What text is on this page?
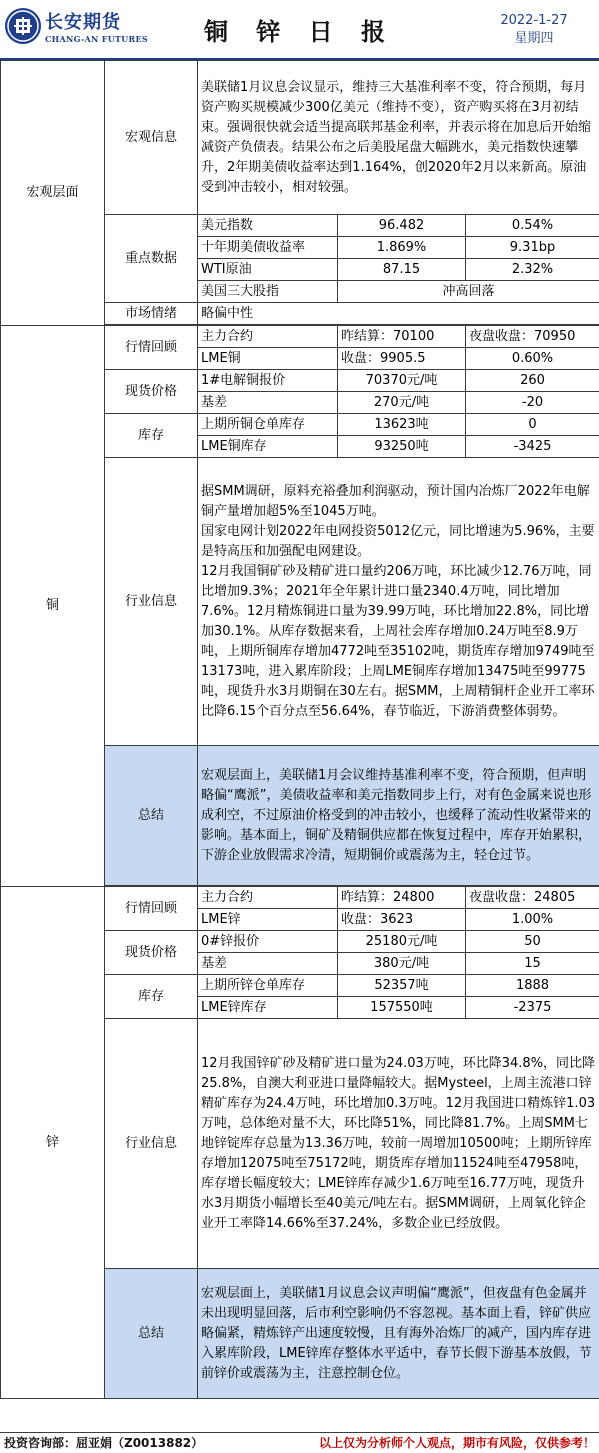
长安期货
CHANG-AN FUTURES	铜 锌 日 报	2022-1-27
星期四
宏观层面	宏观信息	美联储1月议息会议显示，维持三大基准利率不变，符合预期，每月资产购买规模减少300亿美元（维持不变），资产购买将在3月初结束。强调很快就会适当提高联邦基金利率，并表示将在加息后开始缩减资产负债表。结果公布之后美股尾盘大幅跳水，美元指数快速攀升，2年期美债收益率达到1.164%，创2020年2月以来新高。原油受到冲击较小，相对较强。		
	重点数据	美元指数	96.482	0.54%
		十年期美债收益率	1.869%	9.31bp
		WTI原油	87.15	2.32%
		美国三大股指	冲高回落	
	市场情绪	略偏中性		

铜	行情回顾	主力合约	昨结算：70100	夜盘收盘：70950
		LME铜	收盘：9905.5	0.60%
	现货价格	1#电解铜报价	70370元/吨	260
		基差	270元/吨	-20
	库存	上期所铜仓单库存	13623吨	0
		LME铜库存	93250吨	-3425
	行业信息	据SMM调研，原料充裕叠加利润驱动，预计国内冶炼厂2022年电解铜产量增加超5%至1045万吨。
国家电网计划2022年电网投资5012亿元，同比增速为5.96%，主要是特高压和加强配电网建设。
12月我国铜矿砂及精矿进口量约206万吨，环比减少12.76万吨，同比增加9.3%；2021年全年累计进口量2340.4万吨，同比增加7.6%。12月精炼铜进口量为39.99万吨，环比增加22.8%，同比增加30.1%。从库存数据来看，上周社会库存增加0.24万吨至8.9万吨，上期所铜库存增加4772吨至35102吨，期货库存增加9749吨至13173吨，进入累库阶段；上周LME铜库存增加13475吨至99775吨，现货升水3月期铜在30左右。据SMM，上周精铜杆企业开工率环比降6.15个百分点至56.64%，春节临近，下游消费整体弱势。		
	总结	宏观层面上，美联储1月会议维持基准利率不变，符合预期，但声明略偏“鹰派”，美债收益率和美元指数同步上行，对有色金属来说也形成利空，不过原油价格受到的冲击较小，也缓释了流动性收紧带来的影响。基本面上，铜矿及精铜供应都在恢复过程中，库存开始累积，下游企业放假需求冷清，短期铜价或震荡为主，轻仓过节。		

锌	行情回顾	主力合约	昨结算：24800	夜盘收盘：24805
		LME锌	收盘：3623	1.00%
	现货价格	0#锌报价	25180元/吨	50
		基差	380元/吨	15
	库存	上期所锌仓单库存	52357吨	1888
		LME锌库存	157550吨	-2375
	行业信息	12月我国锌矿砂及精矿进口量为24.03万吨，环比降34.8%，同比降25.8%，自澳大利亚进口量降幅较大。据Mysteel，上周主流港口锌精矿库存为24.4万吨，环比增加0.3万吨。12月我国进口精炼锌1.03万吨，总体绝对量不大，环比降51%，同比降81.7%。上周SMM七地锌锭库存总量为13.36万吨，较前一周增加10500吨；上期所锌库存增加12075吨至75172吨，期货库存增加11524吨至47958吨，库存增长幅度较大；LME锌库存减少1.6万吨至16.77万吨，现货升水3月期货小幅增长至40美元/吨左右。据SMM调研，上周氧化锌企业开工率降14.66%至37.24%，多数企业已经放假。		
	总结	宏观层面上，美联储1月议息会议声明偏“鹰派”，但夜盘有色金属并未出现明显回落，后市利空影响仍不容忽视。基本面上看，锌矿供应略偏紧，精炼锌产出速度较慢，且有海外冶炼厂的减产，国内库存进入累库阶段，LME锌库存整体水平适中，春节长假下游基本放假，节前锌价或震荡为主，注意控制仓位。		
投资咨询部：屈亚娟（Z0013882）	以上仅为分析师个人观点，期市有风险，仅供参考！
